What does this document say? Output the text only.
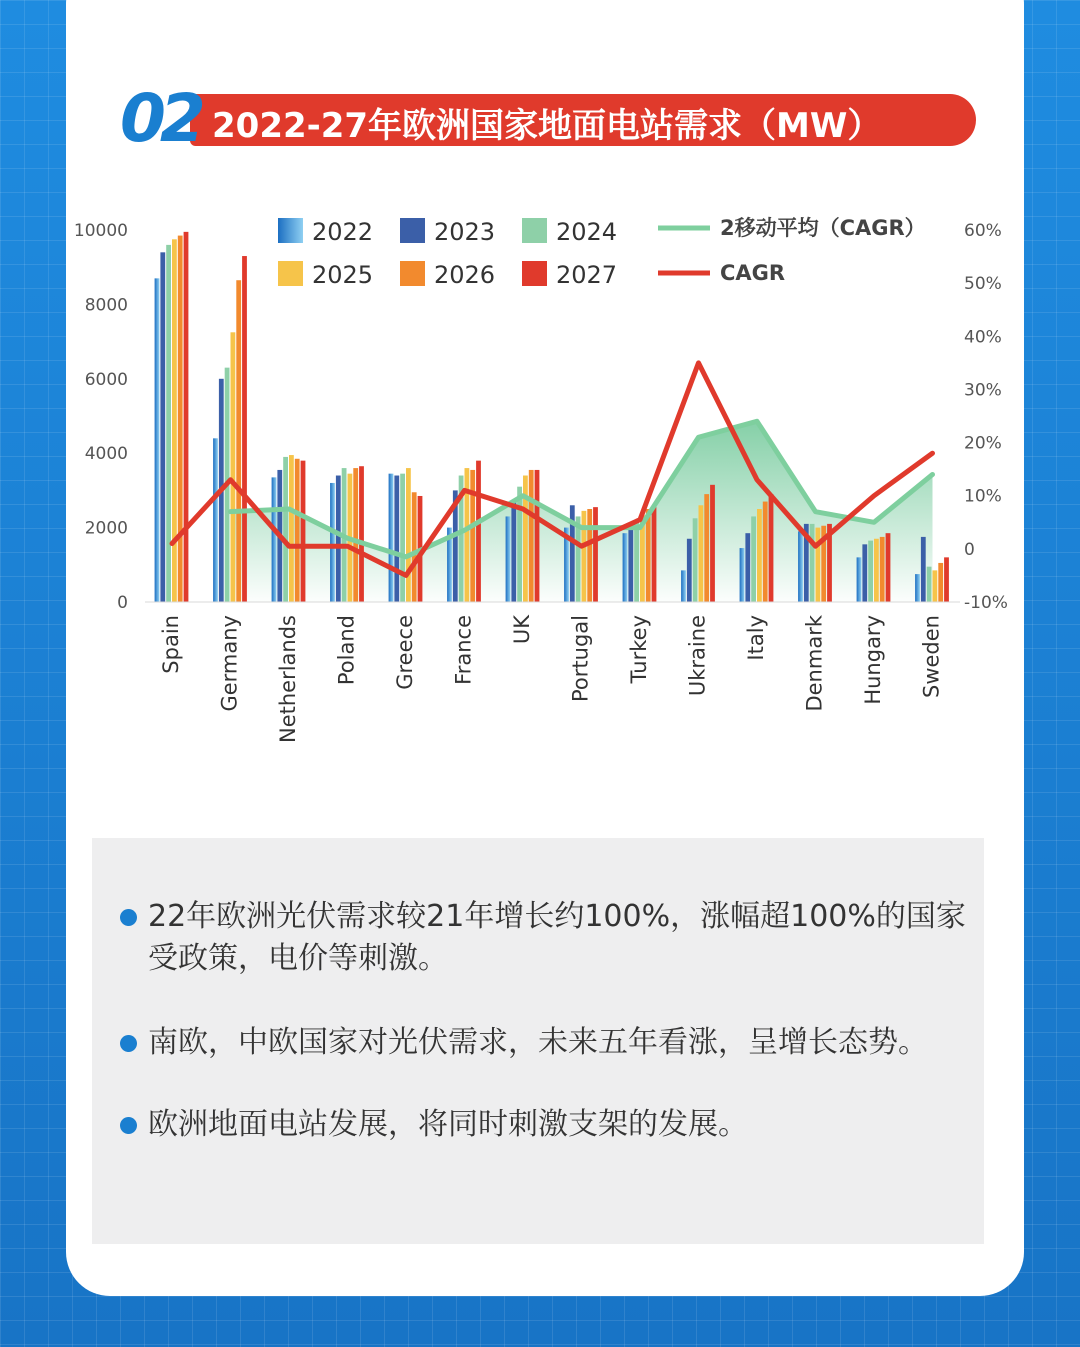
02 2022-27年欧洲国家地面电站需求（MW）
2022	2023	2024
2025	2026	2027
2移动平均（CAGR）
CAGR
0
2000
4000
6000
8000
10000
-10%
0
10%
20%
30%
40%
50%
60%
Spain Germany Netherlands Poland Greece France UK Portugal Turkey Ukraine Italy Denmark Hungary Sweden
22年欧洲光伏需求较21年增长约100%，涨幅超100%的国家受政策，电价等刺激。
南欧，中欧国家对光伏需求，未来五年看涨，呈增长态势。
欧洲地面电站发展，将同时刺激支架的发展。
